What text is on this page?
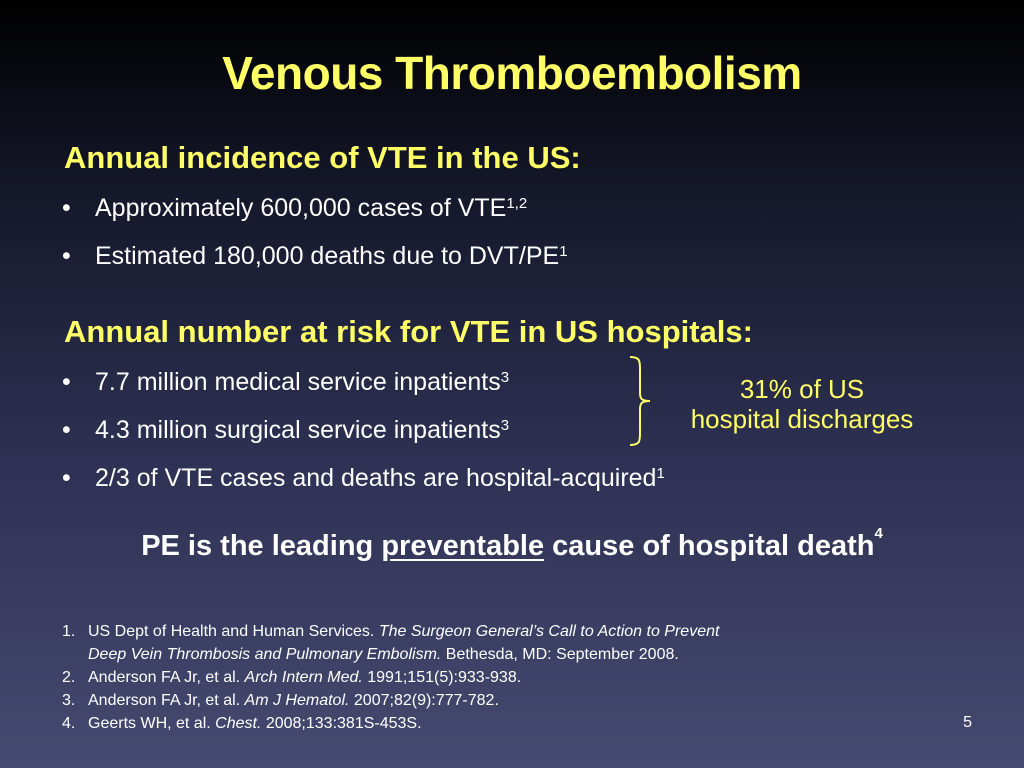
Venous Thromboembolism
Annual incidence of VTE in the US:
• Approximately 600,000 cases of VTE$^{1,2}$
• Estimated 180,000 deaths due to DVT/$PE^1$
Annual number at risk for VTE in US hospitals:
• 7.7 million medical service inpatients$^3$
• 4.3 million surgical service inpatients$^3$
• 2/3 of VTE cases and deaths are hospital-acquired$^1$
31% of US
hospital discharges
PE is the leading preventable cause of hospital death$^4$
1. US Dept of Health and Human Services. The Surgeon General’s Call to Action to Prevent
Deep Vein Thrombosis and Pulmonary Embolism. Bethesda, MD: September 2008.
2. Anderson FA Jr, et al. Arch Intern Med. 1991;151(5):933-938.
3. Anderson FA Jr, et al. Am J Hematol. 2007;82(9):777-782.
4. Geerts WH, et al. Chest. 2008;133:381S-453S.	5
